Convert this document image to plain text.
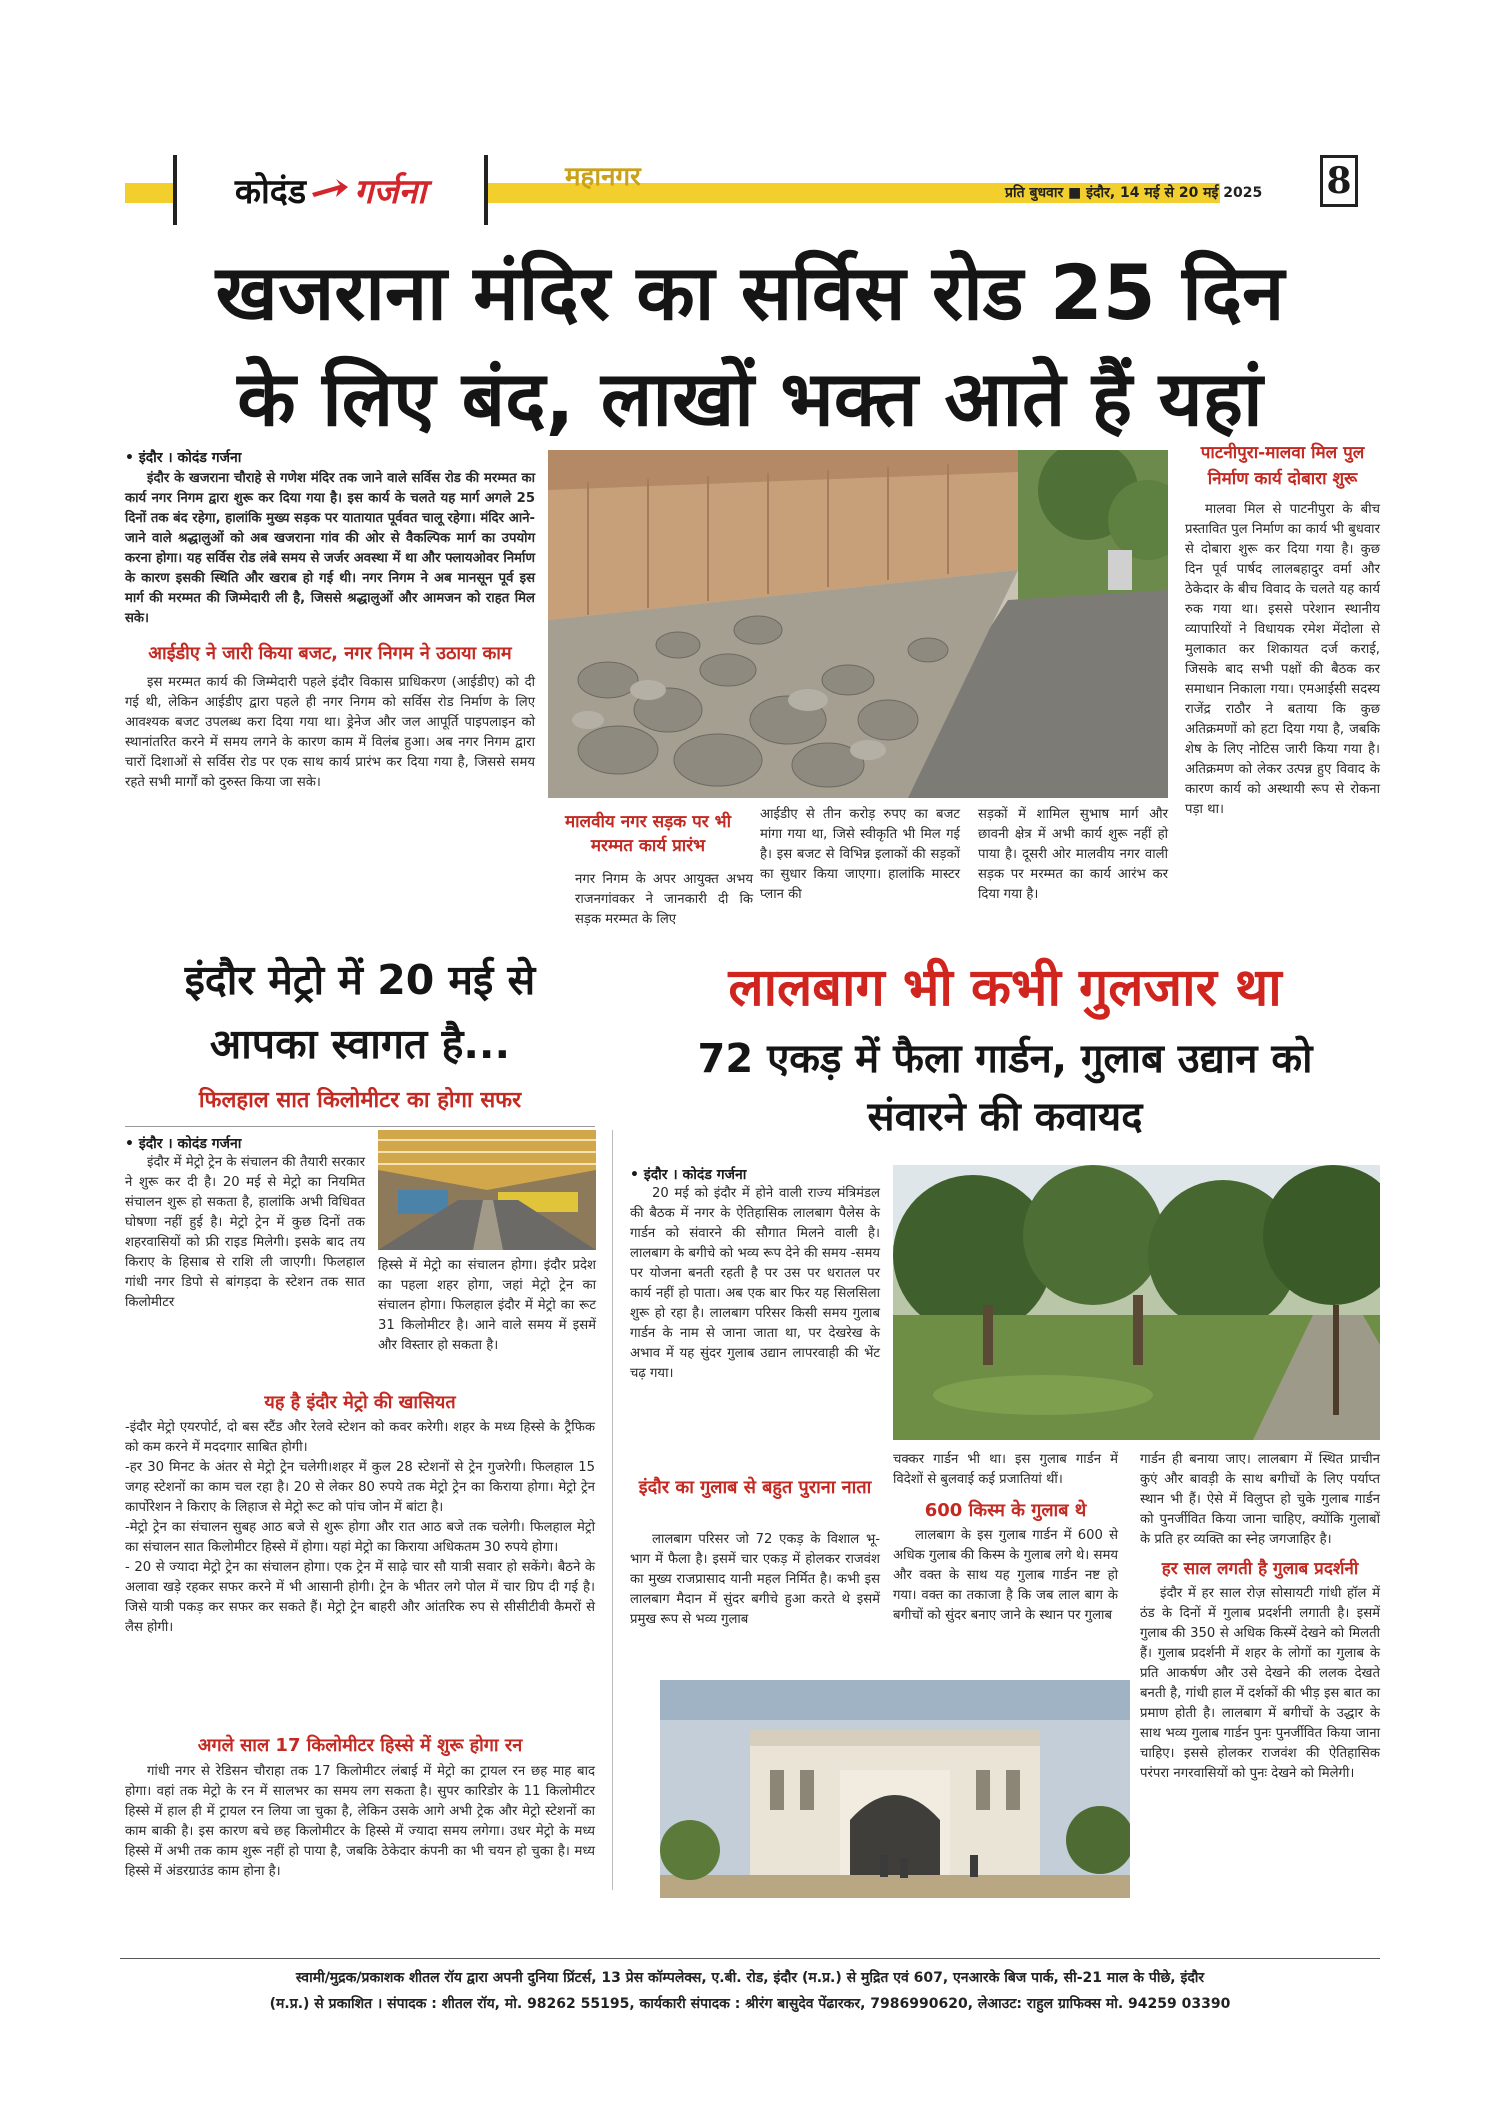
कोदंड गर्जना	महानगर
प्रति बुधवार ■ इंदौर, 14 मई से 20 मई 2025 8
खजराना मंदिर का सर्विस रोड 25 दिन
के लिए बंद, लाखों भक्त आते हैं यहां
• इंदौर । कोदंड गर्जना

इंदौर के खजराना चौराहे से गणेश मंदिर तक जाने वाले सर्विस रोड की मरम्मत का कार्य नगर निगम द्वारा शुरू कर दिया गया है। इस कार्य के चलते यह मार्ग अगले 25 दिनों तक बंद रहेगा, हालांकि मुख्य सड़क पर यातायात पूर्ववत चालू रहेगा। मंदिर आने-जाने वाले श्रद्धालुओं को अब खजराना गांव की ओर से वैकल्पिक मार्ग का उपयोग करना होगा। यह सर्विस रोड लंबे समय से जर्जर अवस्था में था और फ्लायओवर निर्माण के कारण इसकी स्थिति और खराब हो गई थी। नगर निगम ने अब मानसून पूर्व इस मार्ग की मरम्मत की जिम्मेदारी ली है, जिससे श्रद्धालुओं और आमजन को राहत मिल सके।

आईडीए ने जारी किया बजट, नगर निगम ने उठाया काम

इस मरम्मत कार्य की जिम्मेदारी पहले इंदौर विकास प्राधिकरण (आईडीए) को दी गई थी, लेकिन आईडीए द्वारा पहले ही नगर निगम को सर्विस रोड निर्माण के लिए आवश्यक बजट उपलब्ध करा दिया गया था। ड्रेनेज और जल आपूर्ति पाइपलाइन को स्थानांतरित करने में समय लगने के कारण काम में विलंब हुआ। अब नगर निगम द्वारा चारों दिशाओं से सर्विस रोड पर एक साथ कार्य प्रारंभ कर दिया गया है, जिससे समय रहते सभी मार्गों को दुरुस्त किया जा सके।

मालवीय नगर सड़क पर भी मरम्मत कार्य प्रारंभ
नगर निगम के अपर आयुक्त अभय राजनगांवकर ने जानकारी दी कि सड़क मरम्मत के लिए
आईडीए से तीन करोड़ रुपए का बजट मांगा गया था, जिसे स्वीकृति भी मिल गई है। इस बजट से विभिन्न इलाकों की सड़कों का सुधार किया जाएगा। हालांकि मास्टर प्लान की
सड़कों में शामिल सुभाष मार्ग और छावनी क्षेत्र में अभी कार्य शुरू नहीं हो पाया है। दूसरी ओर मालवीय नगर वाली सड़क पर मरम्मत का कार्य आरंभ कर दिया गया है।
पाटनीपुरा-मालवा मिल पुल निर्माण कार्य दोबारा शुरू

मालवा मिल से पाटनीपुरा के बीच प्रस्तावित पुल निर्माण का कार्य भी बुधवार से दोबारा शुरू कर दिया गया है। कुछ दिन पूर्व पार्षद लालबहादुर वर्मा और ठेकेदार के बीच विवाद के चलते यह कार्य रुक गया था। इससे परेशान स्थानीय व्यापारियों ने विधायक रमेश मेंदोला से मुलाकात कर शिकायत दर्ज कराई, जिसके बाद सभी पक्षों की बैठक कर समाधान निकाला गया। एमआईसी सदस्य राजेंद्र राठौर ने बताया कि कुछ अतिक्रमणों को हटा दिया गया है, जबकि शेष के लिए नोटिस जारी किया गया है। अतिक्रमण को लेकर उत्पन्न हुए विवाद के कारण कार्य को अस्थायी रूप से रोकना पड़ा था।

इंदौर मेट्रो में 20 मई से आपका स्वागत है...
फिलहाल सात किलोमीटर का होगा सफर
• इंदौर । कोदंड गर्जना

इंदौर में मेट्रो ट्रेन के संचालन की तैयारी सरकार ने शुरू कर दी है। 20 मई से मेट्रो का नियमित संचालन शुरू हो सकता है, हालांकि अभी विधिवत घोषणा नहीं हुई है। मेट्रो ट्रेन में कुछ दिनों तक शहरवासियों को फ्री राइड मिलेगी। इसके बाद तय किराए के हिसाब से राशि ली जाएगी। फिलहाल गांधी नगर डिपो से बांगड़दा के स्टेशन तक सात किलोमीटर

हिस्से में मेट्रो का संचालन होगा। इंदौर प्रदेश का पहला शहर होगा, जहां मेट्रो ट्रेन का संचालन होगा। फिलहाल इंदौर में मेट्रो का रूट 31 किलोमीटर है। आने वाले समय में इसमें और विस्तार हो सकता है।
यह है इंदौर मेट्रो की खासियत

-इंदौर मेट्रो एयरपोर्ट, दो बस स्टैंड और रेलवे स्टेशन को कवर करेगी। शहर के मध्य हिस्से के ट्रैफिक को कम करने में मददगार साबित होगी।

-हर 30 मिनट के अंतर से मेट्रो ट्रेन चलेगी।शहर में कुल 28 स्टेशनों से ट्रेन गुजरेगी। फिलहाल 15 जगह स्टेशनों का काम चल रहा है। 20 से लेकर 80 रुपये तक मेट्रो ट्रेन का किराया होगा। मेट्रो ट्रेन कार्पोरेशन ने किराए के लिहाज से मेट्रो रूट को पांच जोन में बांटा है।

-मेट्रो ट्रेन का संचालन सुबह आठ बजे से शुरू होगा और रात आठ बजे तक चलेगी। फिलहाल मेट्रो का संचालन सात किलोमीटर हिस्से में होगा। यहां मेट्रो का किराया अधिकतम 30 रुपये होगा।

- 20 से ज्यादा मेट्रो ट्रेन का संचालन होगा। एक ट्रेन में साढ़े चार सौ यात्री सवार हो सकेंगे। बैठने के अलावा खड़े रहकर सफर करने में भी आसानी होगी। ट्रेन के भीतर लगे पोल में चार ग्रिप दी गई है। जिसे यात्री पकड़ कर सफर कर सकते हैं। मेट्रो ट्रेन बाहरी और आंतरिक रुप से सीसीटीवी कैमरों से लैस होगी।

अगले साल 17 किलोमीटर हिस्से में शुरू होगा रन
गांधी नगर से रेडिसन चौराहा तक 17 किलोमीटर लंबाई में मेट्रो का ट्रायल रन छह माह बाद होगा। वहां तक मेट्रो के रन में सालभर का समय लग सकता है। सुपर कारिडोर के 11 किलोमीटर हिस्से में हाल ही में ट्रायल रन लिया जा चुका है, लेकिन उसके आगे अभी ट्रेक और मेट्रो स्टेशनों का काम बाकी है। इस कारण बचे छह किलोमीटर के हिस्से में ज्यादा समय लगेगा। उधर मेट्रो के मध्य हिस्से में अभी तक काम शुरू नहीं हो पाया है, जबकि ठेकेदार कंपनी का भी चयन हो चुका है। मध्य हिस्से में अंडरग्राउंड काम होना है।
लालबाग भी कभी गुलजार था
72 एकड़ में फैला गार्डन, गुलाब उद्यान को संवारने की कवायद
• इंदौर । कोदंड गर्जना

20 मई को इंदौर में होने वाली राज्य मंत्रिमंडल की बैठक में नगर के ऐतिहासिक लालबाग पैलेस के गार्डन को संवारने की सौगात मिलने वाली है। लालबाग के बगीचे को भव्य रूप देने की समय -समय पर योजना बनती रहती है पर उस पर धरातल पर कार्य नहीं हो पाता। अब एक बार फिर यह सिलसिला शुरू हो रहा है। लालबाग परिसर किसी समय गुलाब गार्डन के नाम से जाना जाता था, पर देखरेख के अभाव में यह सुंदर गुलाब उद्यान लापरवाही की भेंट चढ़ गया।

इंदौर का गुलाब से बहुत पुराना नाता
लालबाग परिसर जो 72 एकड़ के विशाल भू-भाग में फैला है। इसमें चार एकड़ में होलकर राजवंश का मुख्य राजप्रासाद यानी महल निर्मित है। कभी इस लालबाग मैदान में सुंदर बगीचे हुआ करते थे इसमें प्रमुख रूप से भव्य गुलाब
चक्कर गार्डन भी था। इस गुलाब गार्डन में विदेशों से बुलवाई कई प्रजातियां थीं।
600 किस्म के गुलाब थे
लालबाग के इस गुलाब गार्डन में 600 से अधिक गुलाब की किस्म के गुलाब लगे थे। समय और वक्त के साथ यह गुलाब गार्डन नष्ट हो गया। वक्त का तकाजा है कि जब लाल बाग के बगीचों को सुंदर बनाए जाने के स्थान पर गुलाब

गार्डन ही बनाया जाए। लालबाग में स्थित प्राचीन कुएं और बावड़ी के साथ बगीचों के लिए पर्याप्त स्थान भी हैं। ऐसे में विलुप्त हो चुके गुलाब गार्डन को पुनर्जीवित किया जाना चाहिए, क्योंकि गुलाबों के प्रति हर व्यक्ति का स्नेह जगजाहिर है।

हर साल लगती है गुलाब प्रदर्शनी

इंदौर में हर साल रोज़ सोसायटी गांधी हॉल में ठंड के दिनों में गुलाब प्रदर्शनी लगाती है। इसमें गुलाब की 350 से अधिक किस्में देखने को मिलती हैं। गुलाब प्रदर्शनी में शहर के लोगों का गुलाब के प्रति आकर्षण और उसे देखने की ललक देखते बनती है, गांधी हाल में दर्शकों की भीड़ इस बात का प्रमाण होती है। लालबाग में बगीचों के उद्धार के साथ भव्य गुलाब गार्डन पुनः पुनर्जीवित किया जाना चाहिए। इससे होलकर राजवंश की ऐतिहासिक परंपरा नगरवासियों को पुनः देखने को मिलेगी।

स्वामी/मुद्रक/प्रकाशक शीतल रॉय द्वारा अपनी दुनिया प्रिंटर्स, 13 प्रेस कॉम्पलेक्स, ए.बी. रोड, इंदौर (म.प्र.) से मुद्रित एवं 607, एनआरके बिज पार्क, सी-21 माल के पीछे, इंदौर
(म.प्र.) से प्रकाशित । संपादक : शीतल रॉय, मो. 98262 55195, कार्यकारी संपादक : श्रीरंग बासुदेव पेंढारकर, 7986990620, लेआउट: राहुल ग्राफिक्स मो. 94259 03390
